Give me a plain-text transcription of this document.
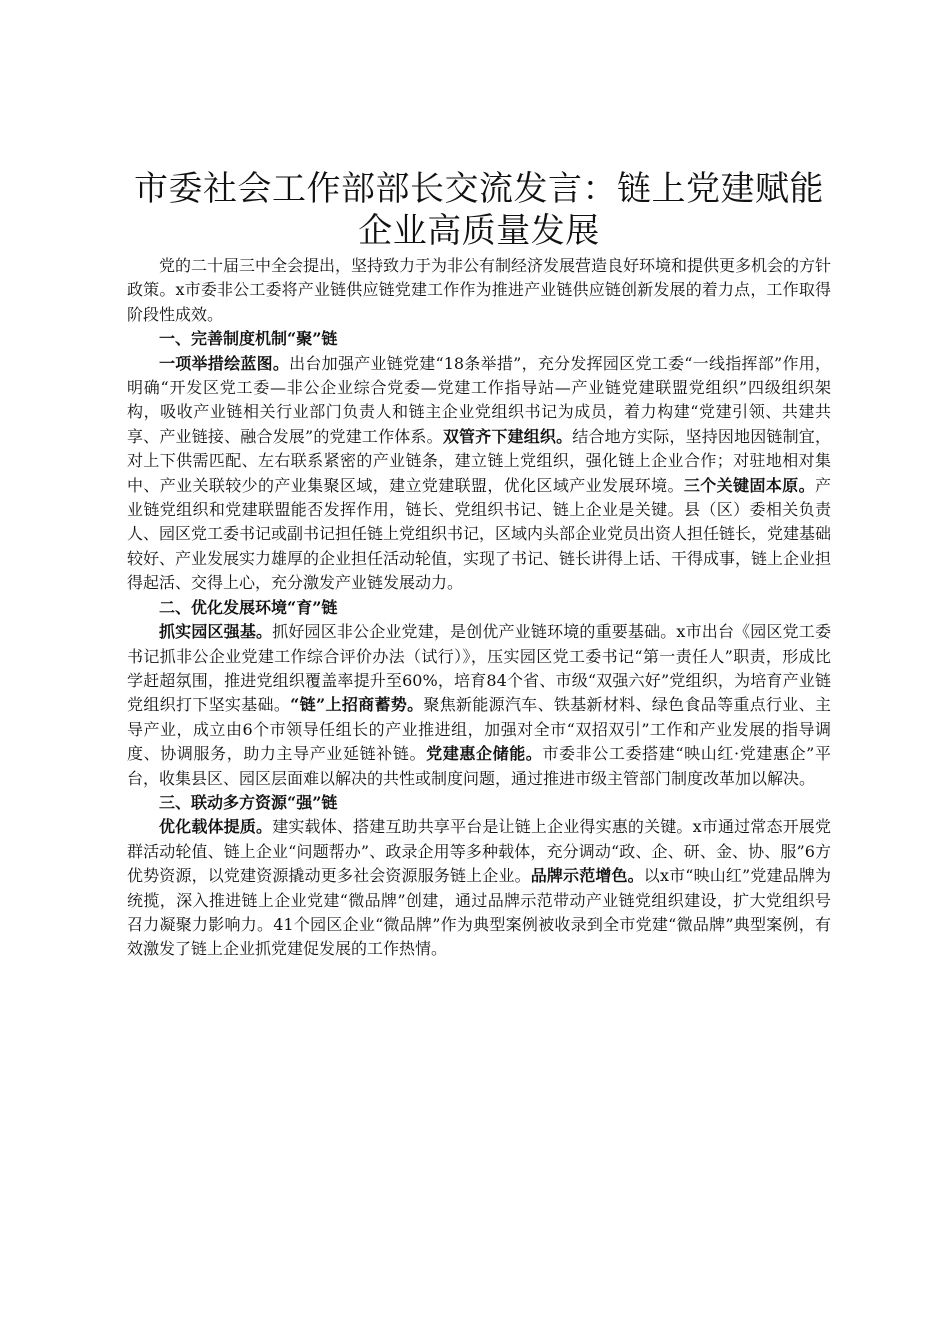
市委社会工作部部长交流发言：链上党建赋能
企业高质量发展

党的二十届三中全会提出，坚持致力于为非公有制经济发展营造良好环境和提供更多机会的方针政策。x市委非公工委将产业链供应链党建工作作为推进产业链供应链创新发展的着力点，工作取得阶段性成效。

一、完善制度机制“聚”链

一项举措绘蓝图。出台加强产业链党建“18条举措”，充分发挥园区党工委“一线指挥部”作用，明确“开发区党工委—非公企业综合党委—党建工作指导站—产业链党建联盟党组织”四级组织架构，吸收产业链相关行业部门负责人和链主企业党组织书记为成员，着力构建“党建引领、共建共享、产业链接、融合发展”的党建工作体系。双管齐下建组织。结合地方实际，坚持因地因链制宜，对上下供需匹配、左右联系紧密的产业链条，建立链上党组织，强化链上企业合作；对驻地相对集中、产业关联较少的产业集聚区域，建立党建联盟，优化区域产业发展环境。三个关键固本原。产业链党组织和党建联盟能否发挥作用，链长、党组织书记、链上企业是关键。县（区）委相关负责人、园区党工委书记或副书记担任链上党组织书记，区域内头部企业党员出资人担任链长，党建基础较好、产业发展实力雄厚的企业担任活动轮值，实现了书记、链长讲得上话、干得成事，链上企业担得起活、交得上心，充分激发产业链发展动力。

二、优化发展环境“育”链

抓实园区强基。抓好园区非公企业党建，是创优产业链环境的重要基础。x市出台《园区党工委书记抓非公企业党建工作综合评价办法（试行）》，压实园区党工委书记“第一责任人”职责，形成比学赶超氛围，推进党组织覆盖率提升至60%，培育84个省、市级“双强六好”党组织，为培育产业链党组织打下坚实基础。“链”上招商蓄势。聚焦新能源汽车、铁基新材料、绿色食品等重点行业、主导产业，成立由6个市领导任组长的产业推进组，加强对全市“双招双引”工作和产业发展的指导调度、协调服务，助力主导产业延链补链。党建惠企储能。市委非公工委搭建“映山红·党建惠企”平台，收集县区、园区层面难以解决的共性或制度问题，通过推进市级主管部门制度改革加以解决。

三、联动多方资源“强”链

优化载体提质。建实载体、搭建互助共享平台是让链上企业得实惠的关键。x市通过常态开展党群活动轮值、链上企业“问题帮办”、政录企用等多种载体，充分调动“政、企、研、金、协、服”6方优势资源，以党建资源撬动更多社会资源服务链上企业。品牌示范增色。以x市“映山红”党建品牌为统揽，深入推进链上企业党建“微品牌”创建，通过品牌示范带动产业链党组织建设，扩大党组织号召力凝聚力影响力。41个园区企业“微品牌”作为典型案例被收录到全市党建“微品牌”典型案例，有效激发了链上企业抓党建促发展的工作热情。
